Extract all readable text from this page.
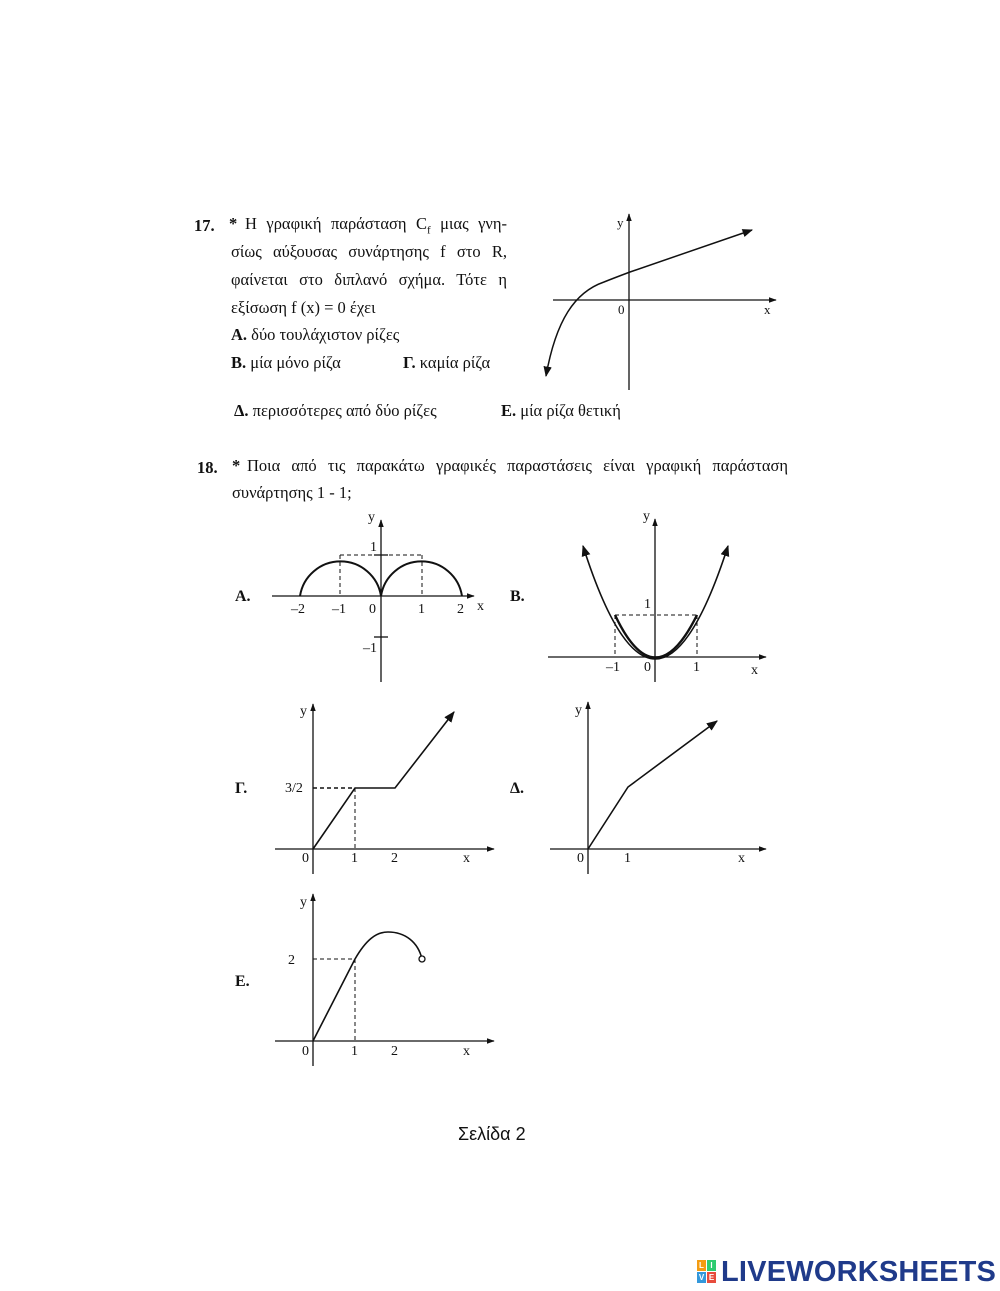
17. * Η γραφική παράσταση $C_f$ μιας γνη-
σίως αύξουσας συνάρτησης f στο R,
φαίνεται στο διπλανό σχήμα. Τότε η
εξίσωση f (x) = 0 έχει
Α. δύο τουλάχιστον ρίζες
Β. μία μόνο ρίζα	Γ. καμία ρίζα
Δ. περισσότερες από δύο ρίζες	Ε. μία ρίζα θετική
y
x
0
18. * Ποια από τις παρακάτω γραφικές παραστάσεις είναι γραφική παράσταση
συνάρτησης 1 - 1;
Α.	Β.
Γ.	Δ.
Ε.
y
x
1
–1
–2 –1 0	1 2
y
x
1
–1 0	1
y
x
3/2
0	1 2
y
x
0	1
y
x
2
0	1 2
Σελίδα 2
L I
V E LIVEWORKSHEETS
